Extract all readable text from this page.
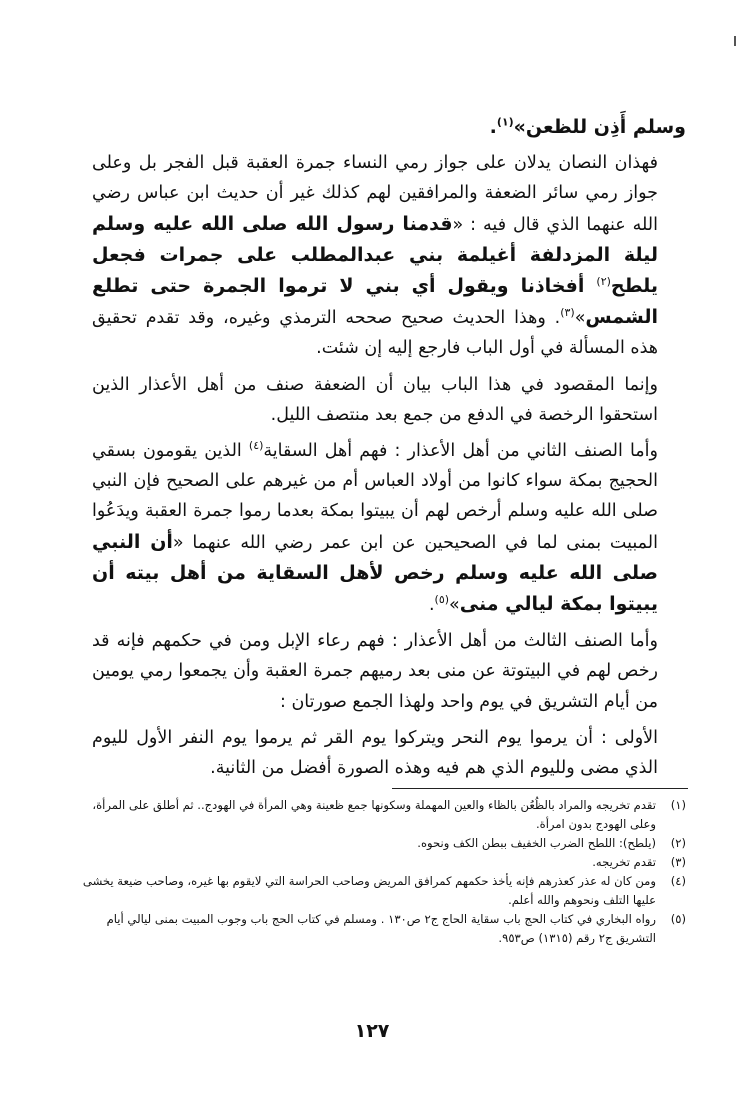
وسلم أَذِن للظعن»$^{(١)}$.

فهذان النصان يدلان على جواز رمي النساء جمرة العقبة قبل الفجر بل وعلى جواز رمي سائر الضعفة والمرافقين لهم كذلك غير أن حديث ابن عباس رضي الله عنهما الذي قال فيه : «قدمنا رسول الله صلى الله عليه وسلم ليلة المزدلفة أغيلمة بني عبدالمطلب على جمرات فجعل يلطح$^{(٢)}$ أفخاذنا ويقول أي بني لا ترموا الجمرة حتى تطلع الشمس»$^{(٣)}$. وهذا الحديث صحيح صححه الترمذي وغيره، وقد تقدم تحقيق هذه المسألة في أول الباب فارجع إليه إن شئت.

وإنما المقصود في هذا الباب بيان أن الضعفة صنف من أهل الأعذار الذين استحقوا الرخصة في الدفع من جمع بعد منتصف الليل.

وأما الصنف الثاني من أهل الأعذار : فهم أهل السقاية$^{(٤)}$ الذين يقومون بسقي الحجيج بمكة سواء كانوا من أولاد العباس أم من غيرهم على الصحيح فإن النبي صلى الله عليه وسلم أرخص لهم أن يبيتوا بمكة بعدما رموا جمرة العقبة ويدَعُوا المبيت بمنى لما في الصحيحين عن ابن عمر رضي الله عنهما «أن النبي صلى الله عليه وسلم رخص لأهل السقاية من أهل بيته أن يبيتوا بمكة ليالي منى»$^{(٥)}$.

وأما الصنف الثالث من أهل الأعذار : فهم رعاء الإبل ومن في حكمهم فإنه قد رخص لهم في البيتوتة عن منى بعد رميهم جمرة العقبة وأن يجمعوا رمي يومين من أيام التشريق في يوم واحد ولهذا الجمع صورتان :

الأولى : أن يرموا يوم النحر ويتركوا يوم القر ثم يرموا يوم النفر الأول لليوم الذي مضى ولليوم الذي هم فيه وهذه الصورة أفضل من الثانية.

(١)
تقدم تخريجه والمراد بالظُعُن بالظاء والعين المهملة وسكونها جمع ظعينة وهي المرأة في الهودج.. ثم أطلق على المرأة، وعلى الهودج بدون امرأة.
(٢)
(يلطح): اللطح الضرب الخفيف ببطن الكف ونحوه.
(٣)
تقدم تخريجه.
(٤)
ومن كان له عذر كعذرهم فإنه يأخذ حكمهم كمرافق المريض وصاحب الحراسة التي لايقوم بها غيره، وصاحب ضيعة يخشى عليها التلف ونحوهم والله أعلم.
(٥)
رواه البخاري في كتاب الحج باب سقاية الحاج ج٢ ص١٣٠ . ومسلم في كتاب الحج باب وجوب المبيت بمنى ليالي أيام التشريق ج٢ رقم (١٣١٥) ص٩٥٣.
١٢٧
